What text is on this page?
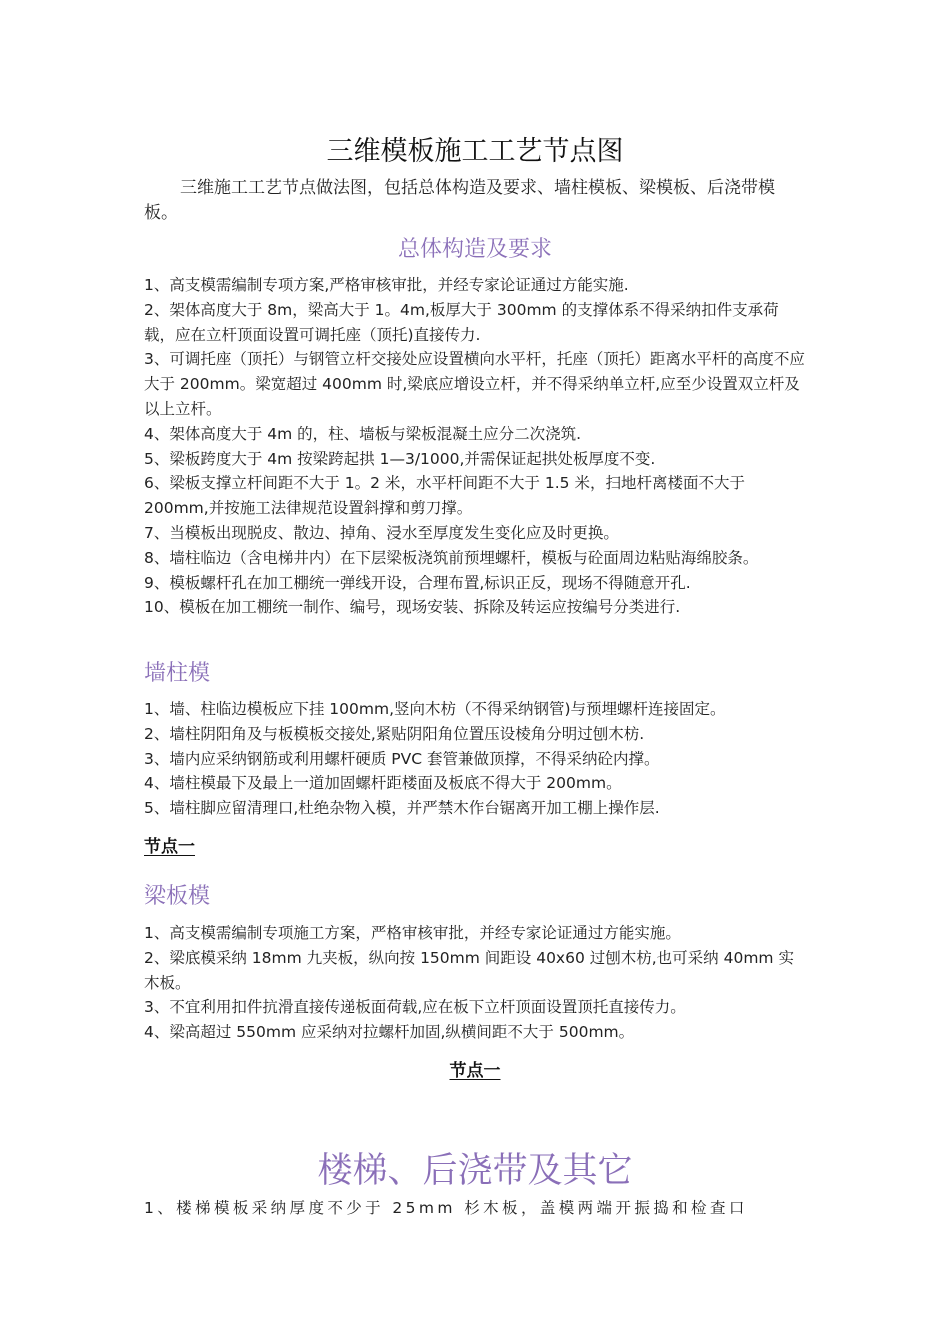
三维模板施工工艺节点图
三维施工工艺节点做法图，包括总体构造及要求、墙柱模板、梁模板、后浇带模板。
总体构造及要求
1、高支模需编制专项方案,严格审核审批，并经专家论证通过方能实施.
2、架体高度大于 8m，梁高大于 1。4m,板厚大于 300mm 的支撑体系不得采纳扣件支承荷载，应在立杆顶面设置可调托座（顶托)直接传力.
3、可调托座（顶托）与钢管立杆交接处应设置横向水平杆，托座（顶托）距离水平杆的高度不应大于 200mm。梁宽超过 400mm 时,梁底应增设立杆，并不得采纳单立杆,应至少设置双立杆及以上立杆。
4、架体高度大于 4m 的，柱、墙板与梁板混凝土应分二次浇筑.
5、梁板跨度大于 4m 按梁跨起拱 1—3/1000,并需保证起拱处板厚度不变.
6、梁板支撑立杆间距不大于 1。2 米，水平杆间距不大于 1.5 米，扫地杆离楼面不大于 200mm,并按施工法律规范设置斜撑和剪刀撑。
7、当模板出现脱皮、散边、掉角、浸水至厚度发生变化应及时更换。
8、墙柱临边（含电梯井内）在下层梁板浇筑前预埋螺杆，模板与砼面周边粘贴海绵胶条。
9、模板螺杆孔在加工棚统一弹线开设，合理布置,标识正反，现场不得随意开孔.
10、模板在加工棚统一制作、编号，现场安装、拆除及转运应按编号分类进行.
墙柱模
1、墙、柱临边模板应下挂 100mm,竖向木枋（不得采纳钢管)与预埋螺杆连接固定。
2、墙柱阴阳角及与板模板交接处,紧贴阴阳角位置压设棱角分明过刨木枋.
3、墙内应采纳钢筋或利用螺杆硬质 PVC 套管兼做顶撑，不得采纳砼内撑。
4、墙柱模最下及最上一道加固螺杆距楼面及板底不得大于 200mm。
5、墙柱脚应留清理口,杜绝杂物入模，并严禁木作台锯离开加工棚上操作层.
节点一
梁板模
1、高支模需编制专项施工方案，严格审核审批，并经专家论证通过方能实施。
2、梁底模采纳 18mm 九夹板，纵向按 150mm 间距设 40x60 过刨木枋,也可采纳 40mm 实木板。
3、不宜利用扣件抗滑直接传递板面荷载,应在板下立杆顶面设置顶托直接传力。
4、梁高超过 550mm 应采纳对拉螺杆加固,纵横间距不大于 500mm。
节点一
楼梯、后浇带及其它
1、楼梯模板采纳厚度不少于 25mm 杉木板，盖模两端开振捣和检查口
